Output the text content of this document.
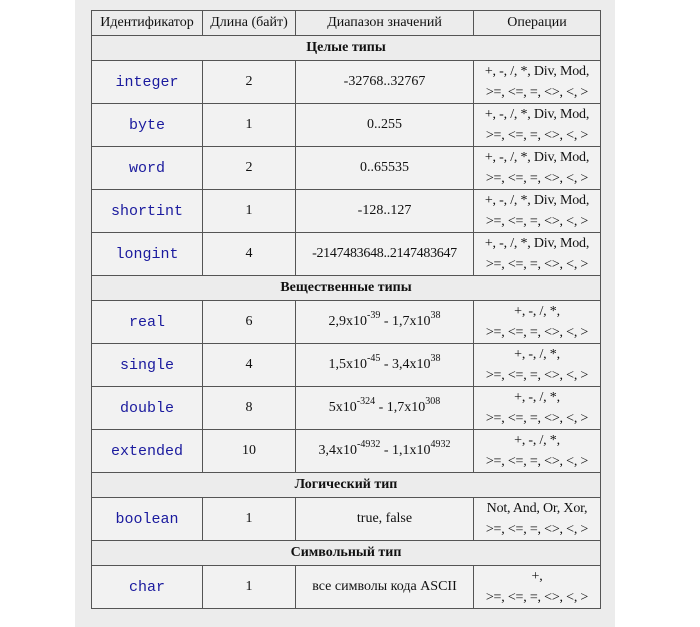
Идентификатор	Длина (байт)	Диапазон значений	Операции
Целые типы			
integer	2	-32768..32767	+, -, /, *, Div, Mod,
>=, <=, =, <>, <, >

byte	1	0..255	+, -, /, *, Div, Mod,
>=, <=, =, <>, <, >

word	2	0..65535	+, -, /, *, Div, Mod,
>=, <=, =, <>, <, >

shortint	1	-128..127	+, -, /, *, Div, Mod,
>=, <=, =, <>, <, >

longint	4	-2147483648..2147483647	+, -, /, *, Div, Mod,
>=, <=, =, <>, <, >

Вещественные типы			
real	6	$2,9x10^{-39} - 1,7x10^{38}$	+, -, /, *,
>=, <=, =, <>, <, >

single	4	$1,5x10^{-45} - 3,4x10^{38}$	+, -, /, *,
>=, <=, =, <>, <, >

double	8	$5x10^{-324} - 1,7x10^{308}$	+, -, /, *,
>=, <=, =, <>, <, >

extended	10	$3,4x10^{-4932} - 1,1x10^{4932}$	+, -, /, *,
>=, <=, =, <>, <, >

Логический тип			
boolean	1	true, false	Not, And, Or, Xor,
>=, <=, =, <>, <, >

Символьный тип			
char	1	все символы кода ASCII	+,
>=, <=, =, <>, <, >
